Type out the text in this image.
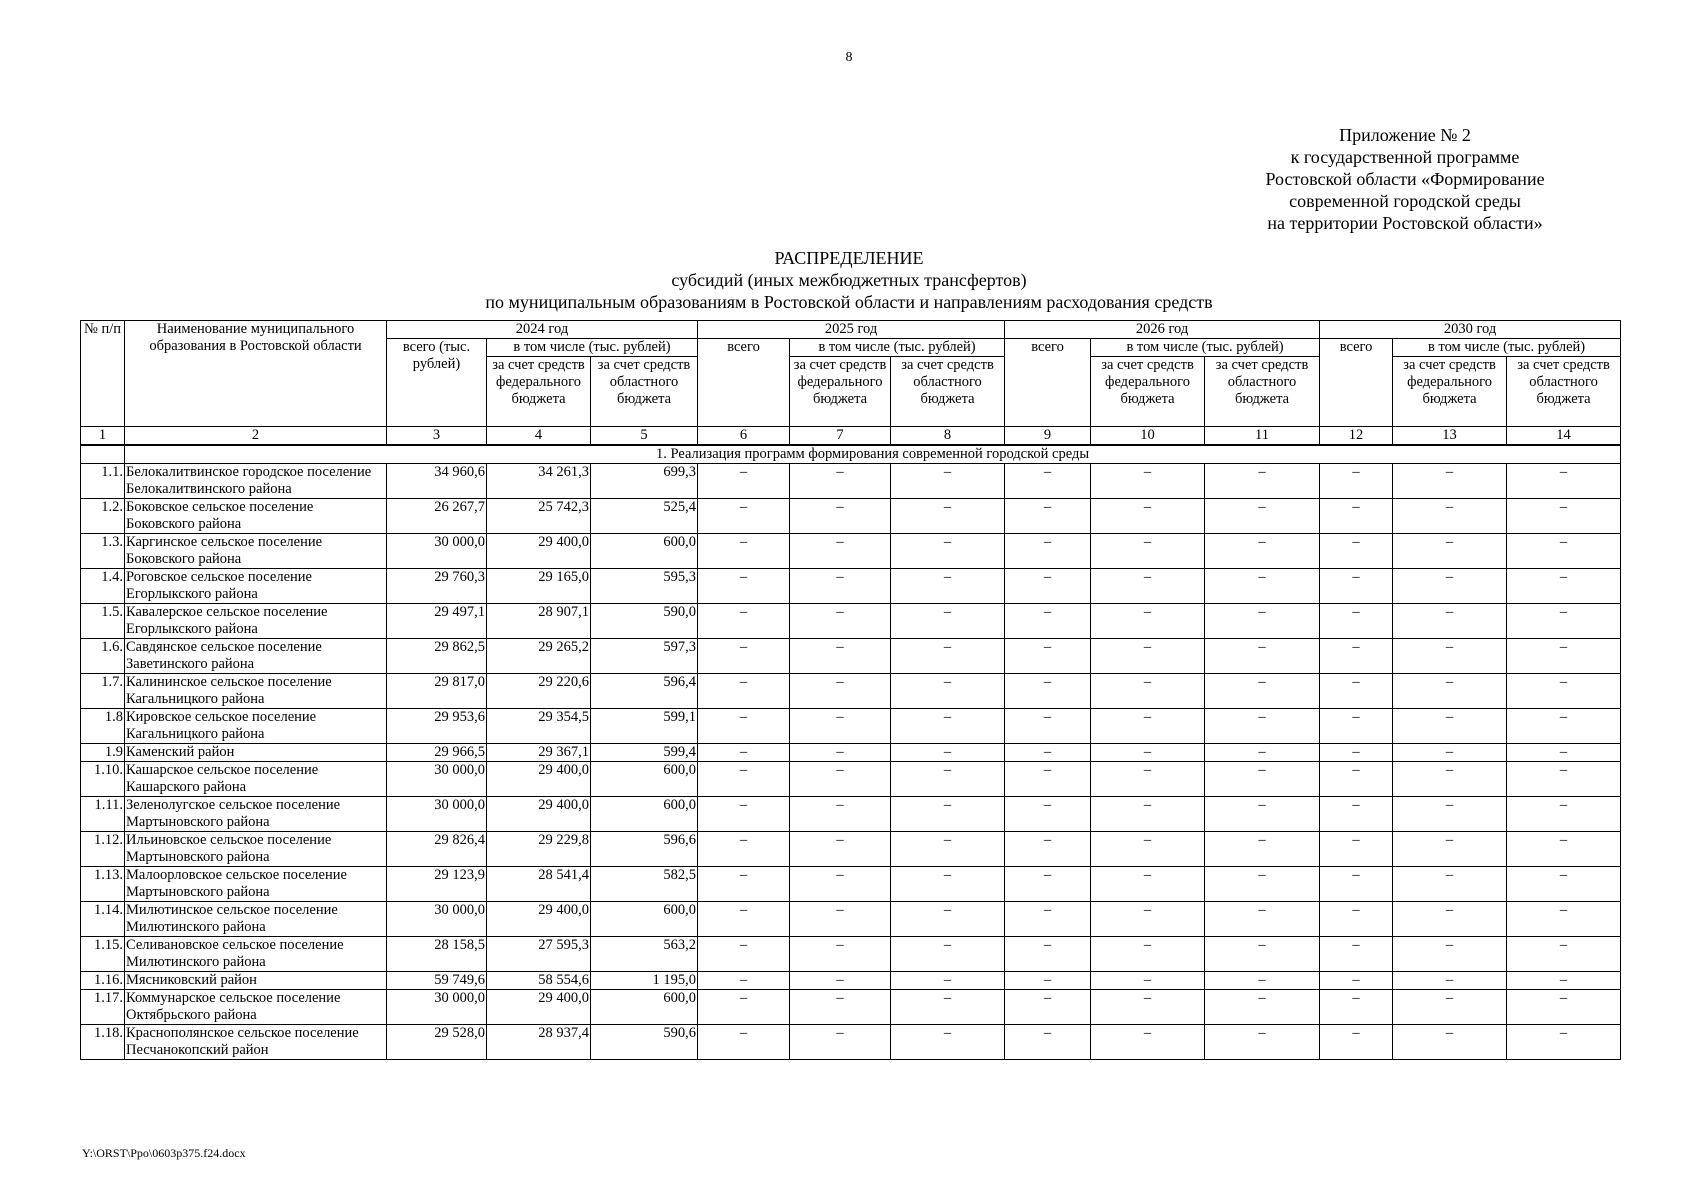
8
Приложение № 2
к государственной программе
Ростовской области «Формирование
современной городской среды
на территории Ростовской области»
РАСПРЕДЕЛЕНИЕ
субсидий (иных межбюджетных трансфертов)
по муниципальным образованиям в Ростовской области и направлениям расходования средств
№ п/п	Наименование муниципального образования в Ростовской области	2024 год			2025 год			2026 год			2030 год		
		всего (тыс. рублей)	в том числе (тыс. рублей)		всего	в том числе (тыс. рублей)		всего	в том числе (тыс. рублей)		всего	в том числе (тыс. рублей)	
			за счет средств федерального бюджета	за счет средств областного бюджета		за счет средств федерального бюджета	за счет средств областного бюджета		за счет средств федерального бюджета	за счет средств областного бюджета		за счет средств федерального бюджета	за счет средств областного бюджета
1	2	3	4	5	6	7	8	9	10	11	12	13	14
	1. Реализация программ формирования современной городской среды												
1.1.	Белокалитвинское городское поселение Белокалитвинского района	34 960,6	34 261,3	699,3	–	–	–	–	–	–	–	–	–
1.2.	Боковское сельское поселение Боковского района	26 267,7	25 742,3	525,4	–	–	–	–	–	–	–	–	–
1.3.	Каргинское сельское поселение Боковского района	30 000,0	29 400,0	600,0	–	–	–	–	–	–	–	–	–
1.4.	Роговское сельское поселение Егорлыкского района	29 760,3	29 165,0	595,3	–	–	–	–	–	–	–	–	–
1.5.	Кавалерское сельское поселение Егорлыкского района	29 497,1	28 907,1	590,0	–	–	–	–	–	–	–	–	–
1.6.	Савдянское сельское поселение Заветинского района	29 862,5	29 265,2	597,3	–	–	–	–	–	–	–	–	–
1.7.	Калининское сельское поселение Кагальницкого района	29 817,0	29 220,6	596,4	–	–	–	–	–	–	–	–	–
1.8	Кировское сельское поселение Кагальницкого района	29 953,6	29 354,5	599,1	–	–	–	–	–	–	–	–	–
1.9	Каменский район	29 966,5	29 367,1	599,4	–	–	–	–	–	–	–	–	–
1.10.	Кашарское сельское поселение Кашарского района	30 000,0	29 400,0	600,0	–	–	–	–	–	–	–	–	–
1.11.	Зеленолугское сельское поселение Мартыновского района	30 000,0	29 400,0	600,0	–	–	–	–	–	–	–	–	–
1.12.	Ильиновское сельское поселение Мартыновского района	29 826,4	29 229,8	596,6	–	–	–	–	–	–	–	–	–
1.13.	Малоорловское сельское поселение Мартыновского района	29 123,9	28 541,4	582,5	–	–	–	–	–	–	–	–	–
1.14.	Милютинское сельское поселение Милютинского района	30 000,0	29 400,0	600,0	–	–	–	–	–	–	–	–	–
1.15.	Селивановское сельское поселение Милютинского района	28 158,5	27 595,3	563,2	–	–	–	–	–	–	–	–	–
1.16.	Мясниковский район	59 749,6	58 554,6	1 195,0	–	–	–	–	–	–	–	–	–
1.17.	Коммунарское сельское поселение Октябрьского района	30 000,0	29 400,0	600,0	–	–	–	–	–	–	–	–	–
1.18.	Краснополянское сельское поселение Песчанокопский район	29 528,0	28 937,4	590,6	–	–	–	–	–	–	–	–	–
Y:\ORST\Ppo\0603p375.f24.docx
